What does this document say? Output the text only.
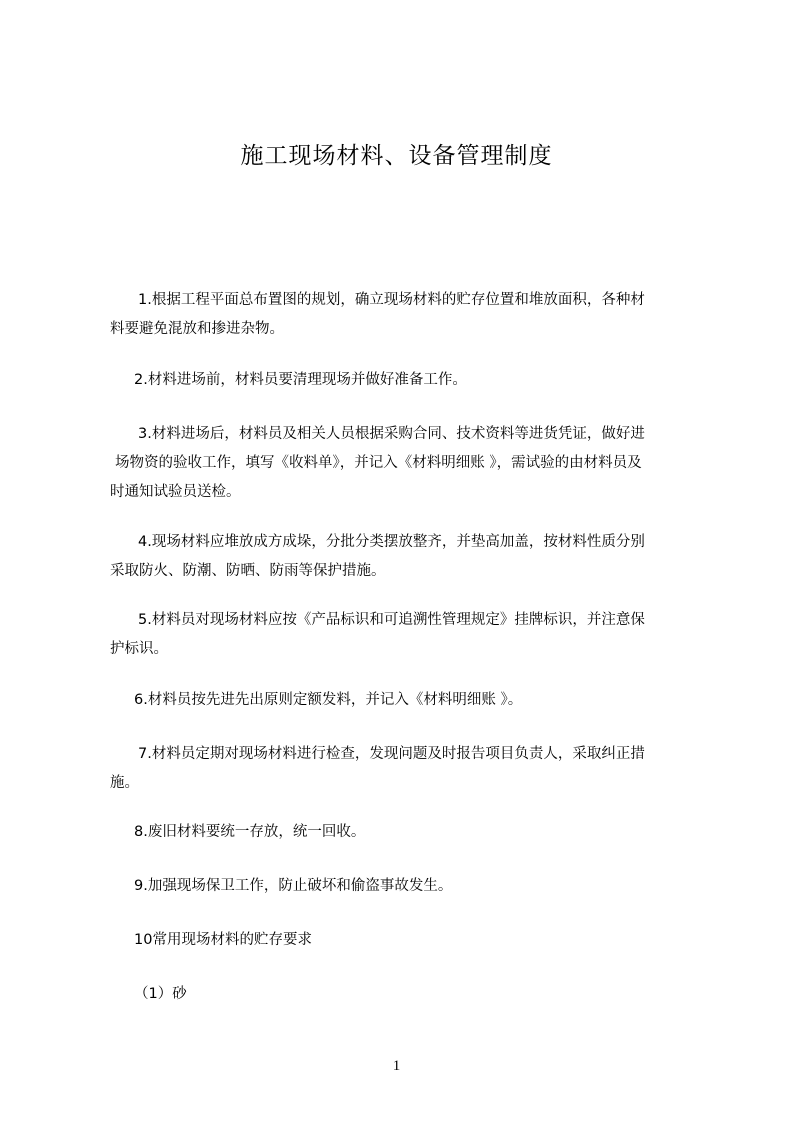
施工现场材料、设备管理制度
1.根据工程平面总布置图的规划，确立现场材料的贮存位置和堆放面积，各种材
料要避免混放和掺进杂物。
2.材料进场前，材料员要清理现场并做好准备工作。
3.材料进场后，材料员及相关人员根据采购合同、技术资料等进货凭证，做好进
场物资的验收工作，填写《收料单》，并记入《材料明细账 》，需试验的由材料员及
时通知试验员送检。
4.现场材料应堆放成方成垛，分批分类摆放整齐，并垫高加盖，按材料性质分别
采取防火、防潮、防晒、防雨等保护措施。
5.材料员对现场材料应按《产品标识和可追溯性管理规定》挂牌标识，并注意保
护标识。
6.材料员按先进先出原则定额发料，并记入《材料明细账 》。
7.材料员定期对现场材料进行检查，发现问题及时报告项目负责人，采取纠正措
施。
8.废旧材料要统一存放，统一回收。
9.加强现场保卫工作，防止破坏和偷盗事故发生。
10常用现场材料的贮存要求
（1）砂
1
